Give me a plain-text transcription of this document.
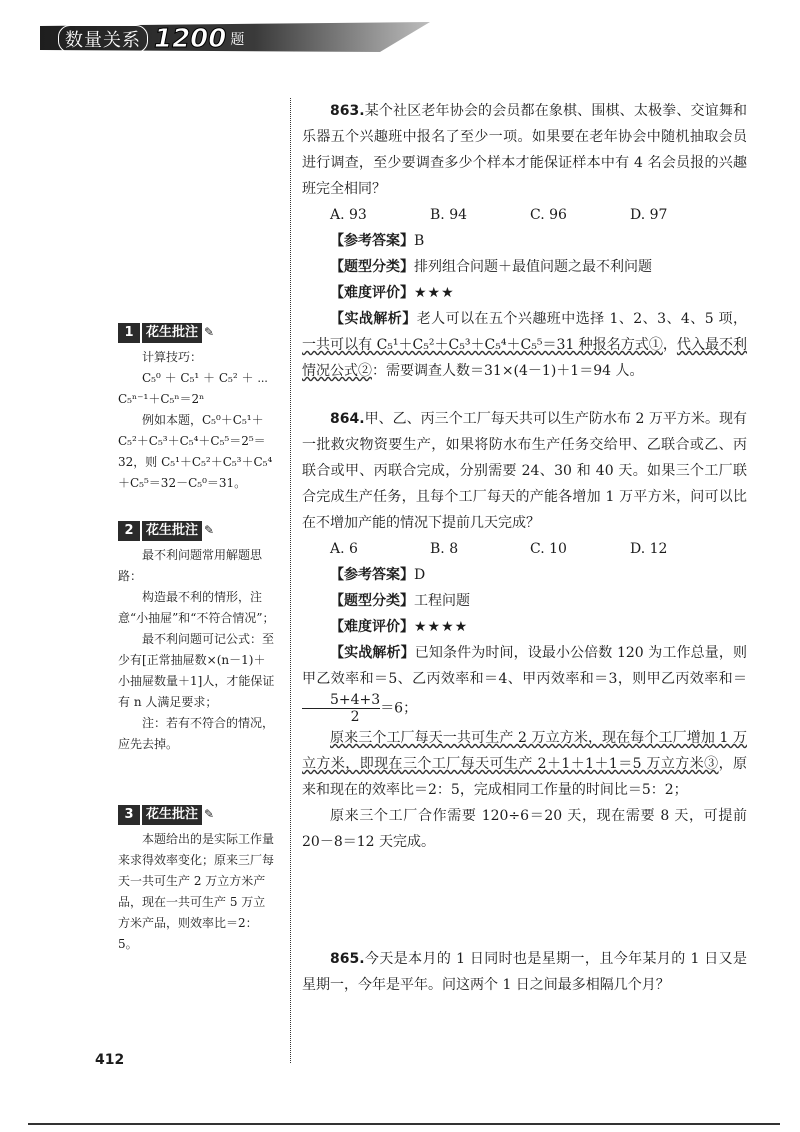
数量关系 1200 题

863.某个社区老年协会的会员都在象棋、围棋、太极拳、交谊舞和乐器五个兴趣班中报名了至少一项。如果要在老年协会中随机抽取会员进行调查，至少要调查多少个样本才能保证样本中有 4 名会员报的兴趣班完全相同？

A. 93	B. 94	C. 96	D. 97

【参考答案】B

【题型分类】排列组合问题＋最值问题之最不利问题

【难度评价】★★★

【实战解析】老人可以在五个兴趣班中选择 1、2、3、4、5 项，一共可以有 C₅¹＋C₅²＋C₅³＋C₅⁴＋C₅⁵＝31 种报名方式①，代入最不利情况公式②：需要调查人数＝31×(4－1)＋1＝94 人。

864.甲、乙、丙三个工厂每天共可以生产防水布 2 万平方米。现有一批救灾物资要生产，如果将防水布生产任务交给甲、乙联合或乙、丙联合或甲、丙联合完成，分别需要 24、30 和 40 天。如果三个工厂联合完成生产任务，且每个工厂每天的产能各增加 1 万平方米，问可以比在不增加产能的情况下提前几天完成？

A. 6	B. 8	C. 10	D. 12

【参考答案】D

【题型分类】工程问题

【难度评价】★★★★

【实战解析】已知条件为时间，设最小公倍数 120 为工作总量，则甲乙效率和＝5、乙丙效率和＝4、甲丙效率和＝3，则甲乙丙效率和＝
$\frac{5+4+3}{2} =6$；

原来三个工厂每天一共可生产 2 万立方米，现在每个工厂增加 1 万立方米，即现在三个工厂每天可生产 2＋1＋1＋1＝5 万立方米③，原来和现在的效率比＝2：5，完成相同工作量的时间比＝5：2；

原来三个工厂合作需要 120÷6＝20 天，现在需要 8 天，可提前 20－8＝12 天完成。

865.今天是本月的 1 日同时也是星期一，且今年某月的 1 日又是星期一，今年是平年。问这两个 1 日之间最多相隔几个月？

1 花生批注 ✎

计算技巧：

C₅⁰ ＋ C₅¹ ＋ C₅² ＋ ⋯

C₅ⁿ⁻¹＋C₅ⁿ＝2ⁿ

例如本题，C₅⁰＋C₅¹＋C₅²＋C₅³＋C₅⁴＋C₅⁵＝2⁵＝32，则 C₅¹＋C₅²＋C₅³＋C₅⁴＋C₅⁵＝32－C₅⁰＝31。

2 花生批注 ✎

最不利问题常用解题思路：

构造最不利的情形，注意“小抽屉”和“不符合情况”；

最不利问题可记公式：至少有[正常抽屉数×(n－1)＋小抽屉数量＋1]人，才能保证有 n 人满足要求；

注：若有不符合的情况，应先去掉。

3 花生批注 ✎

本题给出的是实际工作量来求得效率变化；原来三厂每天一共可生产 2 万立方米产品，现在一共可生产 5 万立方米产品，则效率比＝2：5。

412
